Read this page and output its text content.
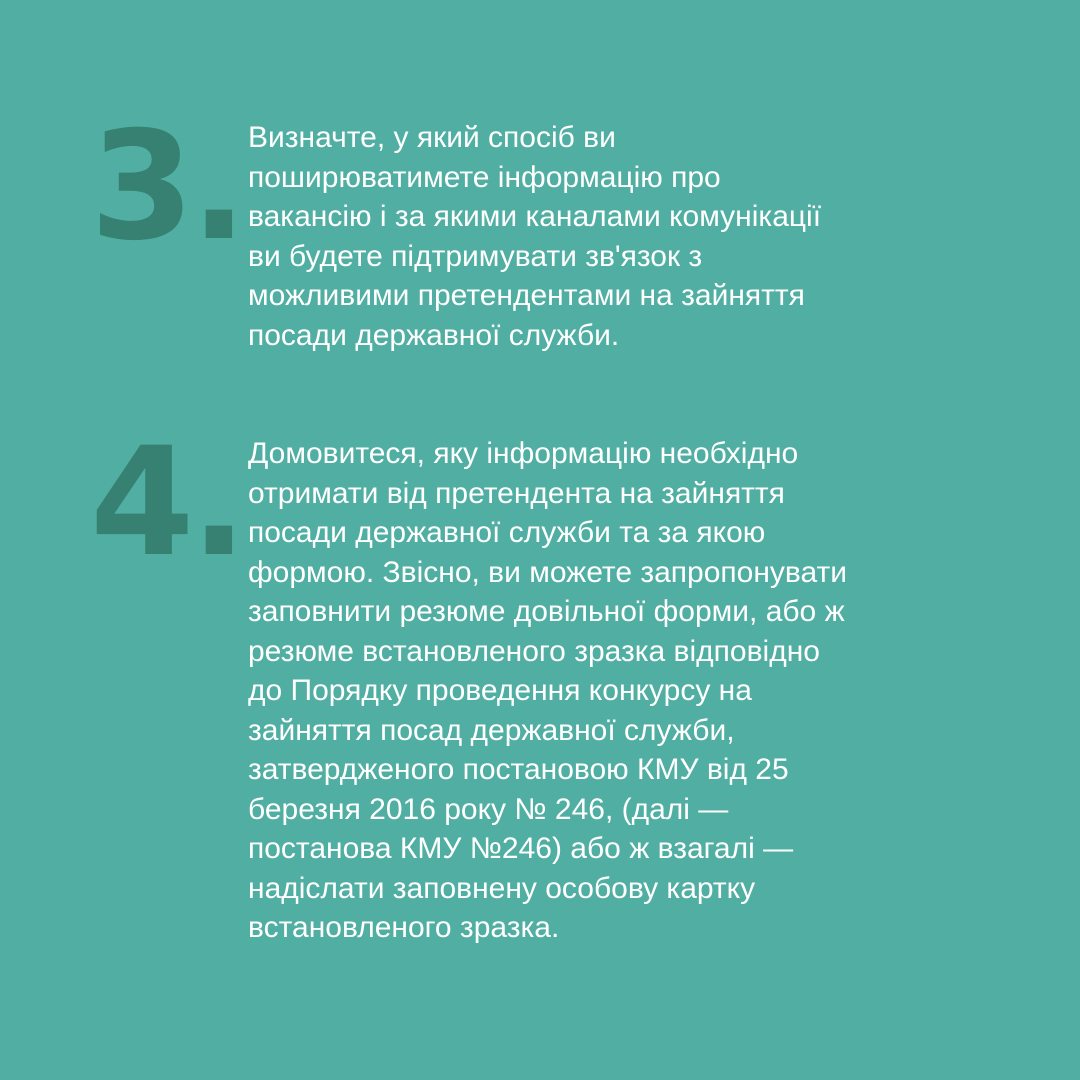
3. Визначте, у який спосіб ви
поширюватимете інформацію про
вакансію і за якими каналами комунікації
ви будете підтримувати зв'язок з
можливими претендентами на зайняття
посади державної служби.

4. Домовитеся, яку інформацію необхідно
отримати від претендента на зайняття
посади державної служби та за якою
формою. Звісно, ви можете запропонувати
заповнити резюме довільної форми, або ж
резюме встановленого зразка відповідно
до Порядку проведення конкурсу на
зайняття посад державної служби,
затвердженого постановою КМУ від 25
березня 2016 року № 246, (далі —
постанова КМУ №246) або ж взагалі —
надіслати заповнену особову картку
встановленого зразка.
